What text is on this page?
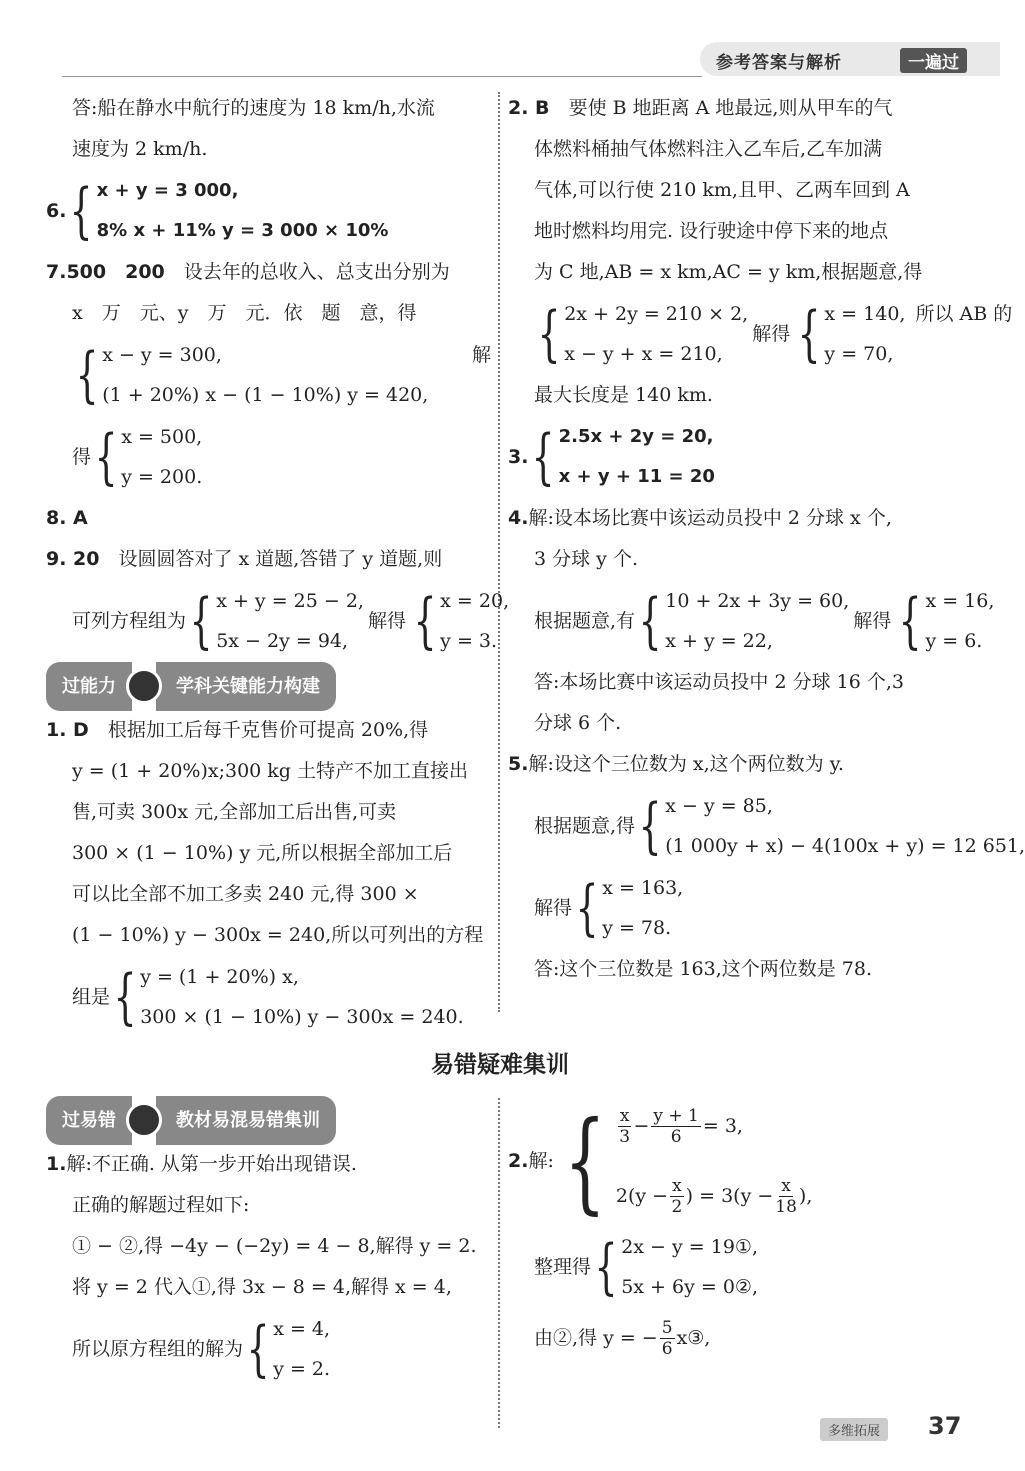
参考答案与解析	一遍过
答:船在静水中航行的速度为 18 km/h,水流
速度为 2 km/h.
6. { x + y = 3 000,
8% x + 11% y = 3 000 × 10%
7.500　200　 设去年的总收入、总支出分别为
x　万　元、y　万　元．依　题　意，得
{ x − y = 300,
(1 + 20%) x − (1 − 10%) y = 420,
解
得 { x = 500,
y = 200.
8. A
9. 20　 设圆圆答对了 x 道题,答错了 y 道题,则
可列方程组为 { x + y = 25 − 2,
5x − 2y = 94,
解得 { x = 20,
y = 3.
过能力	学科关键能力构建
1. D　 根据加工后每千克售价可提高 20%,得
y = (1 + 20%)x;300 kg 土特产不加工直接出
售,可卖 300x 元,全部加工后出售,可卖
300 × (1 − 10%) y 元,所以根据全部加工后
可以比全部不加工多卖 240 元,得 300 ×
(1 − 10%) y − 300x = 240,所以可列出的方程
组是 { y = (1 + 20%) x,
300 × (1 − 10%) y − 300x = 240.
2. B　 要使 B 地距离 A 地最远,则从甲车的气
体燃料桶抽气体燃料注入乙车后,乙车加满
气体,可以行使 210 km,且甲、乙两车回到 A
地时燃料均用完. 设行驶途中停下来的地点
为 C 地,AB = x km,AC = y km,根据题意,得
{ 2x + 2y = 210 × 2,
x − y + x = 210,
解得 { x = 140,
y = 70,
所以 AB 的
最大长度是 140 km.
3. { 2.5x + 2y = 20,
x + y + 11 = 20
4.解:设本场比赛中该运动员投中 2 分球 x 个,
3 分球 y 个.
根据题意,有 { 10 + 2x + 3y = 60,
x + y = 22,
解得 { x = 16,
y = 6.
答:本场比赛中该运动员投中 2 分球 16 个,3
分球 6 个.
5.解:设这个三位数为 x,这个两位数为 y.
根据题意,得 { x − y = 85,
(1 000y + x) − 4(100x + y) = 12 651,
解得 { x = 163,
y = 78.
答:这个三位数是 163,这个两位数是 78.
易错疑难集训
过易错	教材易混易错集训
1.解:不正确. 从第一步开始出现错误.
正确的解题过程如下:
① − ②,得 −4y − (−2y) = 4 − 8,解得 y = 2.
将 y = 2 代入①,得 3x − 8 = 4,解得 x = 4,
所以原方程组的解为 { x = 4,
y = 2.
2. 解: { $\frac{x}{3} - \frac{y + 1}{6} = 3$,
$2(y - \frac{x}{2}$ ) = $3(y - \frac{x}{18}$ ),
整理得 { 2x − y = 19①,
5x + 6y = 0②,
由②,得 y = − $\frac{5}{6}$ x③,
多维拓展	37
